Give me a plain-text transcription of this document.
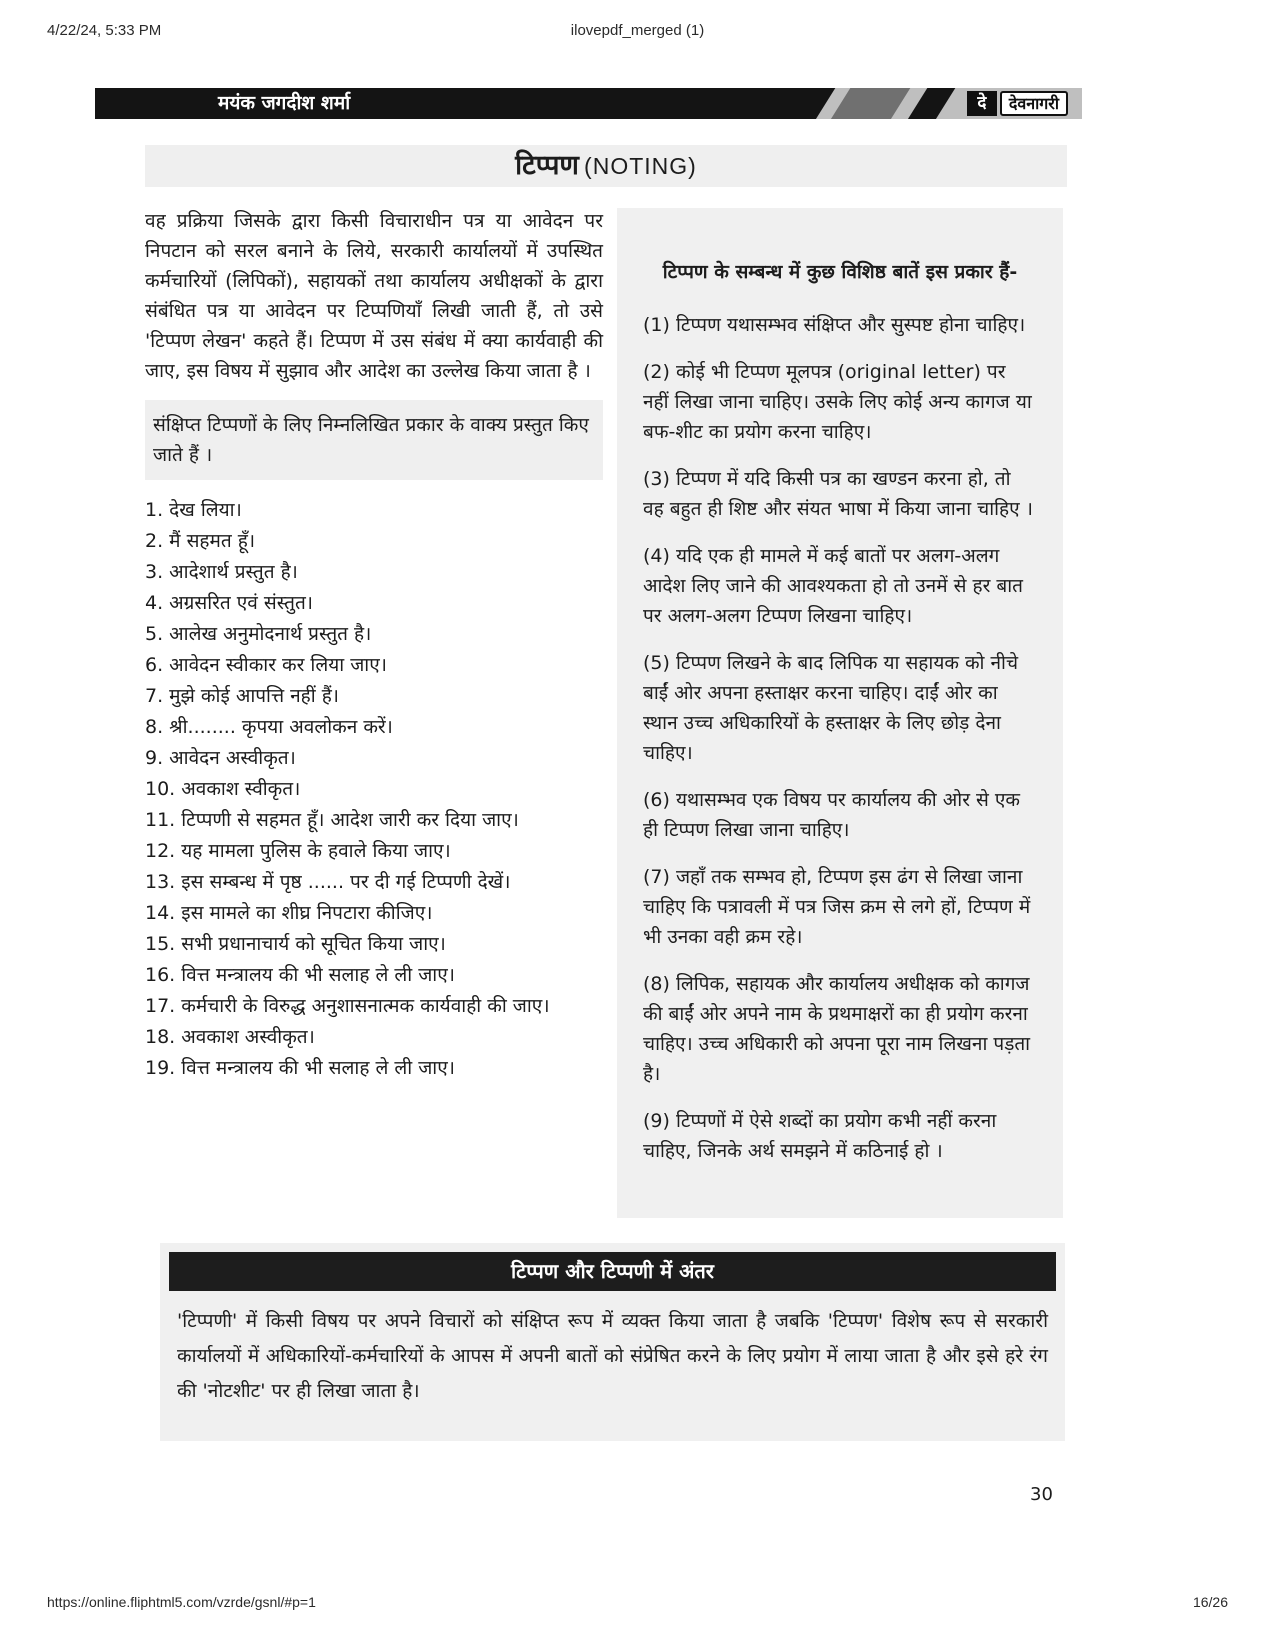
4/22/24, 5:33 PM	ilovepdf_merged (1)
मयंक जगदीश शर्मा	दे	देवनागरी
टिप्पण (NOTING)

वह प्रक्रिया जिसके द्वारा किसी विचाराधीन पत्र या आवेदन पर निपटान को सरल बनाने के लिये, सरकारी कार्यालयों में उपस्थित कर्मचारियों (लिपिकों), सहायकों तथा कार्यालय अधीक्षकों के द्वारा संबंधित पत्र या आवेदन पर टिप्पणियाँ लिखी जाती हैं, तो उसे 'टिप्पण लेखन' कहते हैं। टिप्पण में उस संबंध में क्या कार्यवाही की जाए, इस विषय में सुझाव और आदेश का उल्लेख किया जाता है ।

संक्षिप्त टिप्पणों के लिए निम्नलिखित प्रकार के वाक्य प्रस्तुत किए जाते हैं ।
1. देख लिया।
2. मैं सहमत हूँ।
3. आदेशार्थ प्रस्तुत है।
4. अग्रसरित एवं संस्तुत।
5. आलेख अनुमोदनार्थ प्रस्तुत है।
6. आवेदन स्वीकार कर लिया जाए।
7. मुझे कोई आपत्ति नहीं हैं।
8. श्री........ कृपया अवलोकन करें।
9. आवेदन अस्वीकृत।
10. अवकाश स्वीकृत।
11. टिप्पणी से सहमत हूँ। आदेश जारी कर दिया जाए।
12. यह मामला पुलिस के हवाले किया जाए।
13. इस सम्बन्ध में पृष्ठ ...... पर दी गई टिप्पणी देखें।
14. इस मामले का शीघ्र निपटारा कीजिए।
15. सभी प्रधानाचार्य को सूचित किया जाए।
16. वित्त मन्त्रालय की भी सलाह ले ली जाए।
17. कर्मचारी के विरुद्ध अनुशासनात्मक कार्यवाही की जाए।
18. अवकाश अस्वीकृत।
19. वित्त मन्त्रालय की भी सलाह ले ली जाए।
टिप्पण के सम्बन्ध में कुछ विशिष्ठ बातें इस प्रकार हैं-

(1) टिप्पण यथासम्भव संक्षिप्त और सुस्पष्ट होना चाहिए।

(2) कोई भी टिप्पण मूलपत्र (original letter) पर नहीं लिखा जाना चाहिए। उसके लिए कोई अन्य कागज या बफ-शीट का प्रयोग करना चाहिए।

(3) टिप्पण में यदि किसी पत्र का खण्डन करना हो, तो वह बहुत ही शिष्ट और संयत भाषा में किया जाना चाहिए ।

(4) यदि एक ही मामले में कई बातों पर अलग-अलग आदेश लिए जाने की आवश्यकता हो तो उनमें से हर बात पर अलग-अलग टिप्पण लिखना चाहिए।

(5) टिप्पण लिखने के बाद लिपिक या सहायक को नीचे बाईं ओर अपना हस्ताक्षर करना चाहिए। दाईं ओर का स्थान उच्च अधिकारियों के हस्ताक्षर के लिए छोड़ देना चाहिए।

(6) यथासम्भव एक विषय पर कार्यालय की ओर से एक ही टिप्पण लिखा जाना चाहिए।

(7) जहाँ तक सम्भव हो, टिप्पण इस ढंग से लिखा जाना चाहिए कि पत्रावली में पत्र जिस क्रम से लगे हों, टिप्पण में भी उनका वही क्रम रहे।

(8) लिपिक, सहायक और कार्यालय अधीक्षक को कागज की बाईं ओर अपने नाम के प्रथमाक्षरों का ही प्रयोग करना चाहिए। उच्च अधिकारी को अपना पूरा नाम लिखना पड़ता है।

(9) टिप्पणों में ऐसे शब्दों का प्रयोग कभी नहीं करना चाहिए, जिनके अर्थ समझने में कठिनाई हो ।

टिप्पण और टिप्पणी में अंतर

'टिप्पणी' में किसी विषय पर अपने विचारों को संक्षिप्त रूप में व्यक्त किया जाता है जबकि 'टिप्पण' विशेष रूप से सरकारी कार्यालयों में अधिकारियों-कर्मचारियों के आपस में अपनी बातों को संप्रेषित करने के लिए प्रयोग में लाया जाता है और इसे हरे रंग की 'नोटशीट' पर ही लिखा जाता है।

30
https://online.fliphtml5.com/vzrde/gsnl/#p=1	16/26
